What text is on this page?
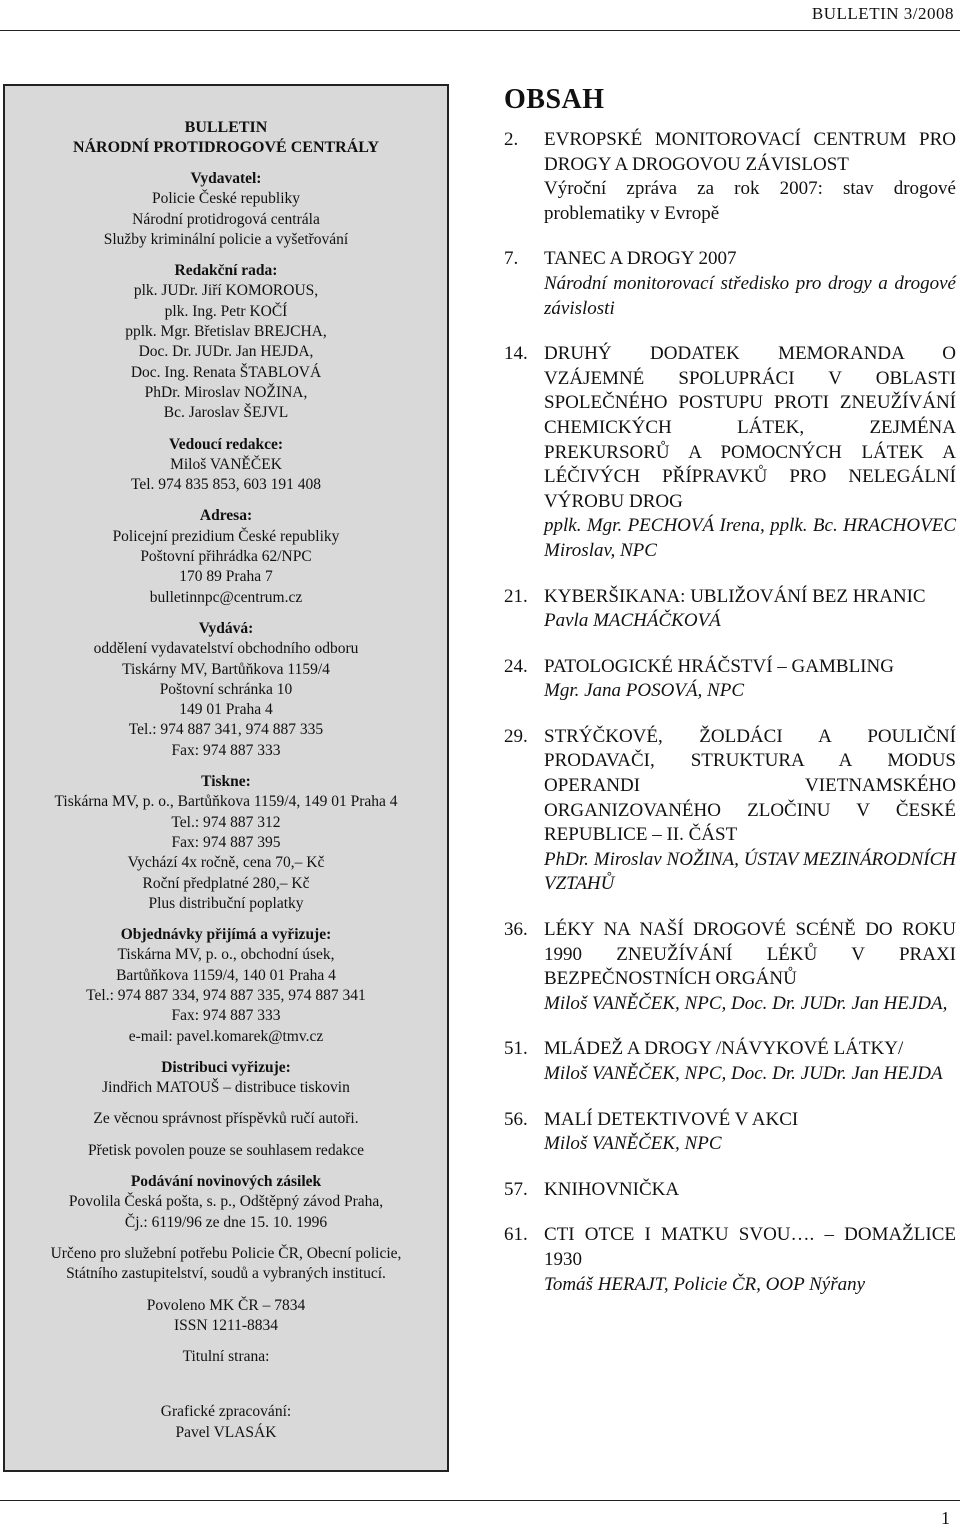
BULLETIN 3/2008
BULLETIN
NÁRODNÍ PROTIDROGOVÉ CENTRÁLY
Vydavatel:
Policie České republiky
Národní protidrogová centrála
Služby kriminální policie a vyšetřování
Redakční rada:
plk. JUDr. Jiří KOMOROUS,
plk. Ing. Petr KOČÍ
pplk. Mgr. Břetislav BREJCHA,
Doc. Dr. JUDr. Jan HEJDA,
Doc. Ing. Renata ŠTABLOVÁ
PhDr. Miroslav NOŽINA,
Bc. Jaroslav ŠEJVL
Vedoucí redakce:
Miloš VANĚČEK
Tel. 974 835 853, 603 191 408
Adresa:
Policejní prezidium České republiky
Poštovní přihrádka 62/NPC
170 89 Praha 7
bulletinnpc@centrum.cz
Vydává:
oddělení vydavatelství obchodního odboru
Tiskárny MV, Bartůňkova 1159/4
Poštovní schránka 10
149 01 Praha 4
Tel.: 974 887 341, 974 887 335
Fax: 974 887 333
Tiskne:
Tiskárna MV, p. o., Bartůňkova 1159/4, 149 01 Praha 4
Tel.: 974 887 312
Fax: 974 887 395
Vychází 4x ročně, cena 70,– Kč
Roční předplatné 280,– Kč
Plus distribuční poplatky
Objednávky přijímá a vyřizuje:
Tiskárna MV, p. o., obchodní úsek,
Bartůňkova 1159/4, 140 01 Praha 4
Tel.: 974 887 334, 974 887 335, 974 887 341
Fax: 974 887 333
e-mail: pavel.komarek@tmv.cz
Distribuci vyřizuje:
Jindřich MATOUŠ – distribuce tiskovin
Ze věcnou správnost příspěvků ručí autoři.
Přetisk povolen pouze se souhlasem redakce
Podávání novinových zásilek
Povolila Česká pošta, s. p., Odštěpný závod Praha,
Čj.: 6119/96 ze dne 15. 10. 1996
Určeno pro služební potřebu Policie ČR, Obecní policie,
Státního zastupitelství, soudů a vybraných institucí.
Povoleno MK ČR – 7834
ISSN 1211-8834
Titulní strana:
Grafické zpracování:
Pavel VLASÁK
OBSAH
2.	EVROPSKÉ MONITOROVACÍ CENTRUM PRO DROGY A DROGOVOU ZÁVISLOST
Výroční zpráva za rok 2007: stav drogové problematiky v Evropě
7.	TANEC A DROGY 2007
Národní monitorovací středisko pro drogy a drogové závislosti
14. DRUHÝ DODATEK MEMORANDA O VZÁJEMNÉ SPOLUPRÁCI V OBLASTI SPOLEČNÉHO POSTUPU PROTI ZNEUŽÍVÁNÍ CHEMICKÝCH LÁTEK, ZEJMÉNA PREKURSORŮ A POMOCNÝCH LÁTEK A LÉČIVÝCH PŘÍPRAVKŮ PRO NELEGÁLNÍ VÝROBU DROG
pplk. Mgr. PECHOVÁ Irena, pplk. Bc. HRACHOVEC Miroslav, NPC
21. KYBERŠIKANA: UBLIŽOVÁNÍ BEZ HRANIC
Pavla MACHÁČKOVÁ
24. PATOLOGICKÉ HRÁČSTVÍ – GAMBLING
Mgr. Jana POSOVÁ, NPC
29. STRÝČKOVÉ, ŽOLDÁCI A POULIČNÍ PRODAVAČI, STRUKTURA A MODUS OPERANDI VIETNAMSKÉHO ORGANIZOVANÉHO ZLOČINU V ČESKÉ REPUBLICE – II. ČÁST
PhDr. Miroslav NOŽINA, ÚSTAV MEZINÁRODNÍCH VZTAHŮ
36. LÉKY NA NAŠÍ DROGOVÉ SCÉNĚ DO ROKU 1990 ZNEUŽÍVÁNÍ LÉKŮ V PRAXI BEZPEČNOSTNÍCH ORGÁNŮ
Miloš VANĚČEK, NPC, Doc. Dr. JUDr. Jan HEJDA,
51. MLÁDEŽ A DROGY /NÁVYKOVÉ LÁTKY/
Miloš VANĚČEK, NPC, Doc. Dr. JUDr. Jan HEJDA
56. MALÍ DETEKTIVOVÉ V AKCI
Miloš VANĚČEK, NPC
57. KNIHOVNIČKA
61. CTI OTCE I MATKU SVOU…. – DOMAŽLICE 1930
Tomáš HERAJT, Policie ČR, OOP Nýřany
1
